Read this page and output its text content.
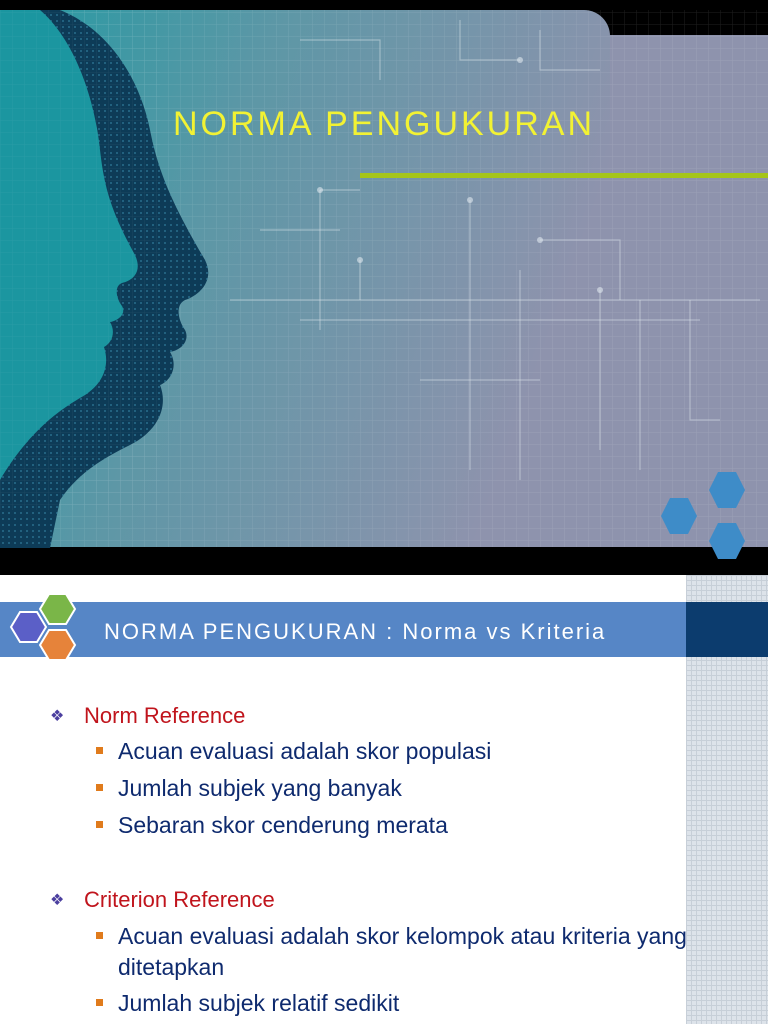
NORMA PENGUKURAN
NORMA PENGUKURAN : Norma vs Kriteria
❖ Norm Reference
Acuan evaluasi adalah skor populasi
Jumlah subjek yang banyak
Sebaran skor cenderung merata
❖ Criterion Reference
Acuan evaluasi adalah skor kelompok atau kriteria yang ditetapkan
Jumlah subjek relatif sedikit
